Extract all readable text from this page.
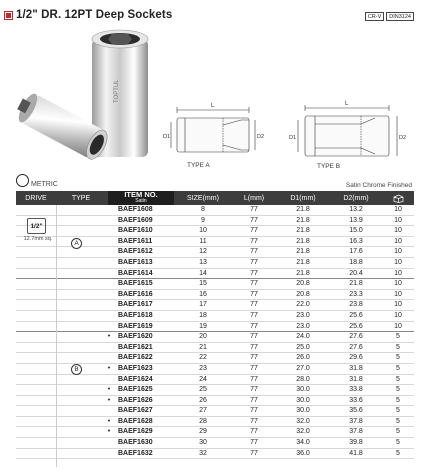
1/2" DR. 12PT Deep Sockets	CR-V	DIN3124
TOPTUL
L
D1	D2
L
D1	D2
TYPE A	TYPE B
METRIC	Satin Chrome Finished
DRIVE	TYPE	ITEM NO.
Satin	SIZE(mm)	L(mm)	D1(mm)	D2(mm)
BAEF1608	8	77	21.8	13.2	10
BAEF1609	9	77	21.8	13.9	10
BAEF1610	10	77	21.8	15.0	10
BAEF1611	11	77	21.8	16.3	10
BAEF1612	12	77	21.8	17.6	10
BAEF1613	13	77	21.8	18.8	10
BAEF1614	14	77	21.8	20.4	10
BAEF1615	15	77	20.8	21.8	10
BAEF1616	16	77	20.8	23.3	10
BAEF1617	17	77	22.0	23.8	10
BAEF1618	18	77	23.0	25.6	10
BAEF1619	19	77	23.0	25.6	10
•	BAEF1620	20	77	24.0	27.6	5
BAEF1621	21	77	25.0	27.6	5
BAEF1622	22	77	26.0	29.6	5
•	BAEF1623	23	77	27.0	31.8	5
BAEF1624	24	77	28.0	31.8	5
•	BAEF1625	25	77	30.0	33.8	5
•	BAEF1626	26	77	30.0	33.6	5
BAEF1627	27	77	30.0	35.6	5
•	BAEF1628	28	77	32.0	37.8	5
•	BAEF1629	29	77	32.0	37.8	5
BAEF1630	30	77	34.0	39.8	5
BAEF1632	32	77	36.0	41.8	5
1/2"
12.7mm sq.
A
B
